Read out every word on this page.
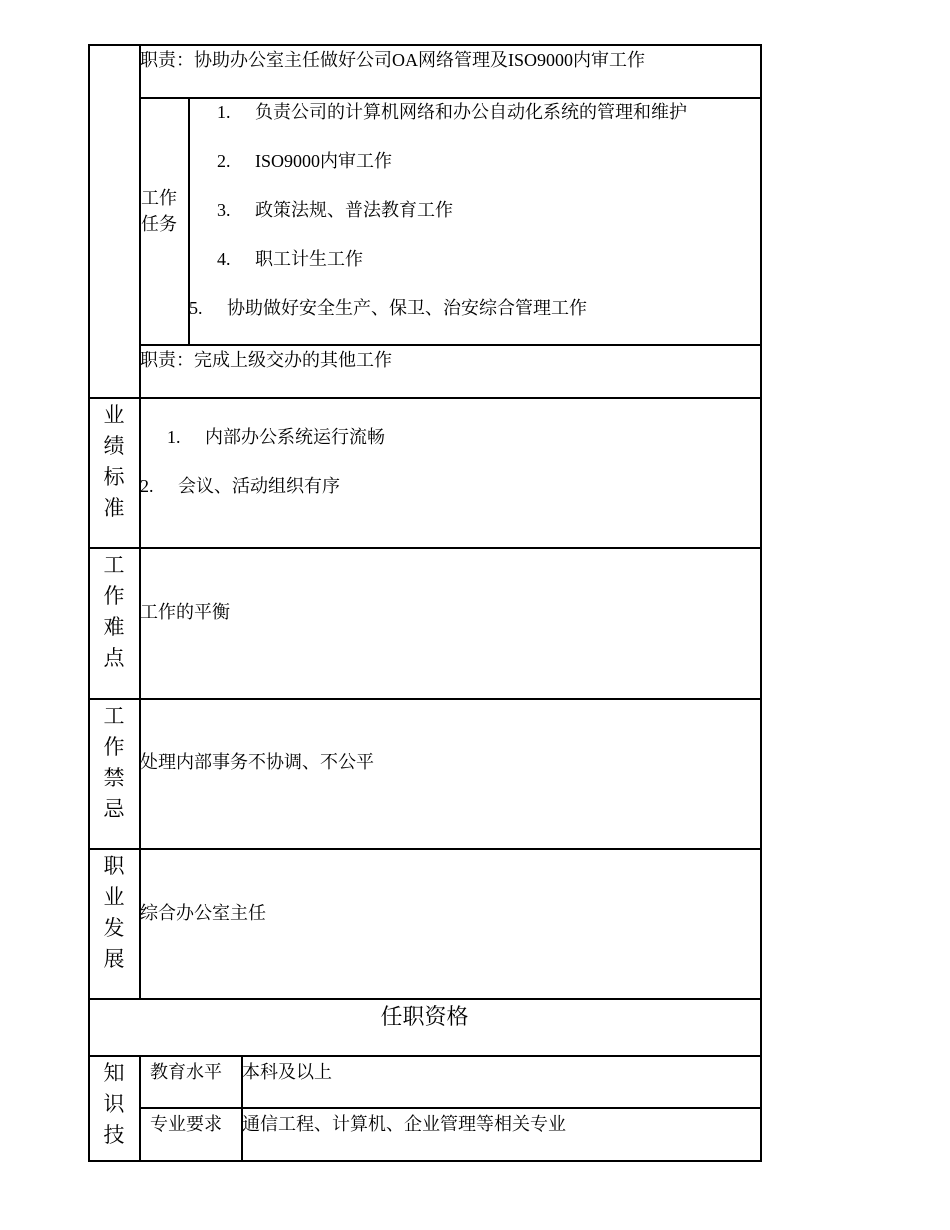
职责：协助办公室主任做好公司OA网络管理及ISO9000内审工作
工作
任务
1. 负责公司的计算机网络和办公自动化系统的管理和维护
2. ISO9000内审工作
3. 政策法规、普法教育工作
4. 职工计生工作
5. 协助做好安全生产、保卫、治安综合管理工作
职责：完成上级交办的其他工作
业
绩
标
准
1. 内部办公系统运行流畅
2. 会议、活动组织有序
工
作
难
点
工作的平衡
工
作
禁
忌
处理内部事务不协调、不公平
职
业
发
展
综合办公室主任
任职资格
知
识
技
教育水平 本科及以上
专业要求 通信工程、计算机、企业管理等相关专业
